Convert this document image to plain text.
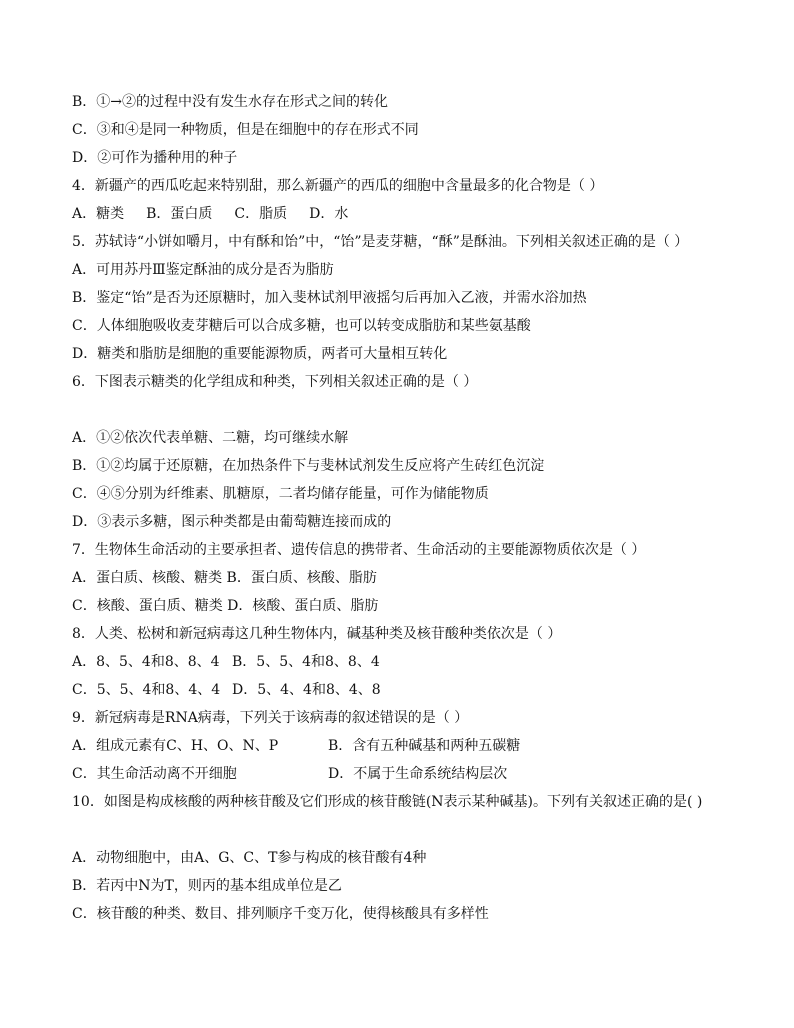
B．①→②的过程中没有发生水存在形式之间的转化
C．③和④是同一种物质，但是在细胞中的存在形式不同
D．②可作为播种用的种子
4．新疆产的西瓜吃起来特别甜，那么新疆产的西瓜的细胞中含量最多的化合物是（ ）
A．糖类 B．蛋白质 C．脂质 D．水
5．苏轼诗“小饼如嚼月，中有酥和饴”中，“饴”是麦芽糖，“酥”是酥油。下列相关叙述正确的是（ ）
A．可用苏丹Ⅲ鉴定酥油的成分是否为脂肪
B．鉴定“饴”是否为还原糖时，加入斐林试剂甲液摇匀后再加入乙液，并需水浴加热
C．人体细胞吸收麦芽糖后可以合成多糖，也可以转变成脂肪和某些氨基酸
D．糖类和脂肪是细胞的重要能源物质，两者可大量相互转化
6．下图表示糖类的化学组成和种类，下列相关叙述正确的是（ ）
A．①②依次代表单糖、二糖，均可继续水解
B．①②均属于还原糖，在加热条件下与斐林试剂发生反应将产生砖红色沉淀
C．④⑤分别为纤维素、肌糖原，二者均储存能量，可作为储能物质
D．③表示多糖，图示种类都是由葡萄糖连接而成的
7．生物体生命活动的主要承担者、遗传信息的携带者、生命活动的主要能源物质依次是（ ）
A．蛋白质、核酸、糖类 B．蛋白质、核酸、脂肪
C．核酸、蛋白质、糖类 D．核酸、蛋白质、脂肪
8．人类、松树和新冠病毒这几种生物体内，碱基种类及核苷酸种类依次是（ ）
A．8、5、4和8、8、4 B．5、5、4和8、8、4
C．5、5、4和8、4、4 D．5、4、4和8、4、8
9．新冠病毒是RNA病毒，下列关于该病毒的叙述错误的是（ ）
A．组成元素有C、H、O、N、P	B．含有五种碱基和两种五碳糖
C．其生命活动离不开细胞	D．不属于生命系统结构层次
10．如图是构成核酸的两种核苷酸及它们形成的核苷酸链(N表示某种碱基)。下列有关叙述正确的是( )
A．动物细胞中，由A、G、C、T参与构成的核苷酸有4种
B．若丙中N为T，则丙的基本组成单位是乙
C．核苷酸的种类、数目、排列顺序千变万化，使得核酸具有多样性
